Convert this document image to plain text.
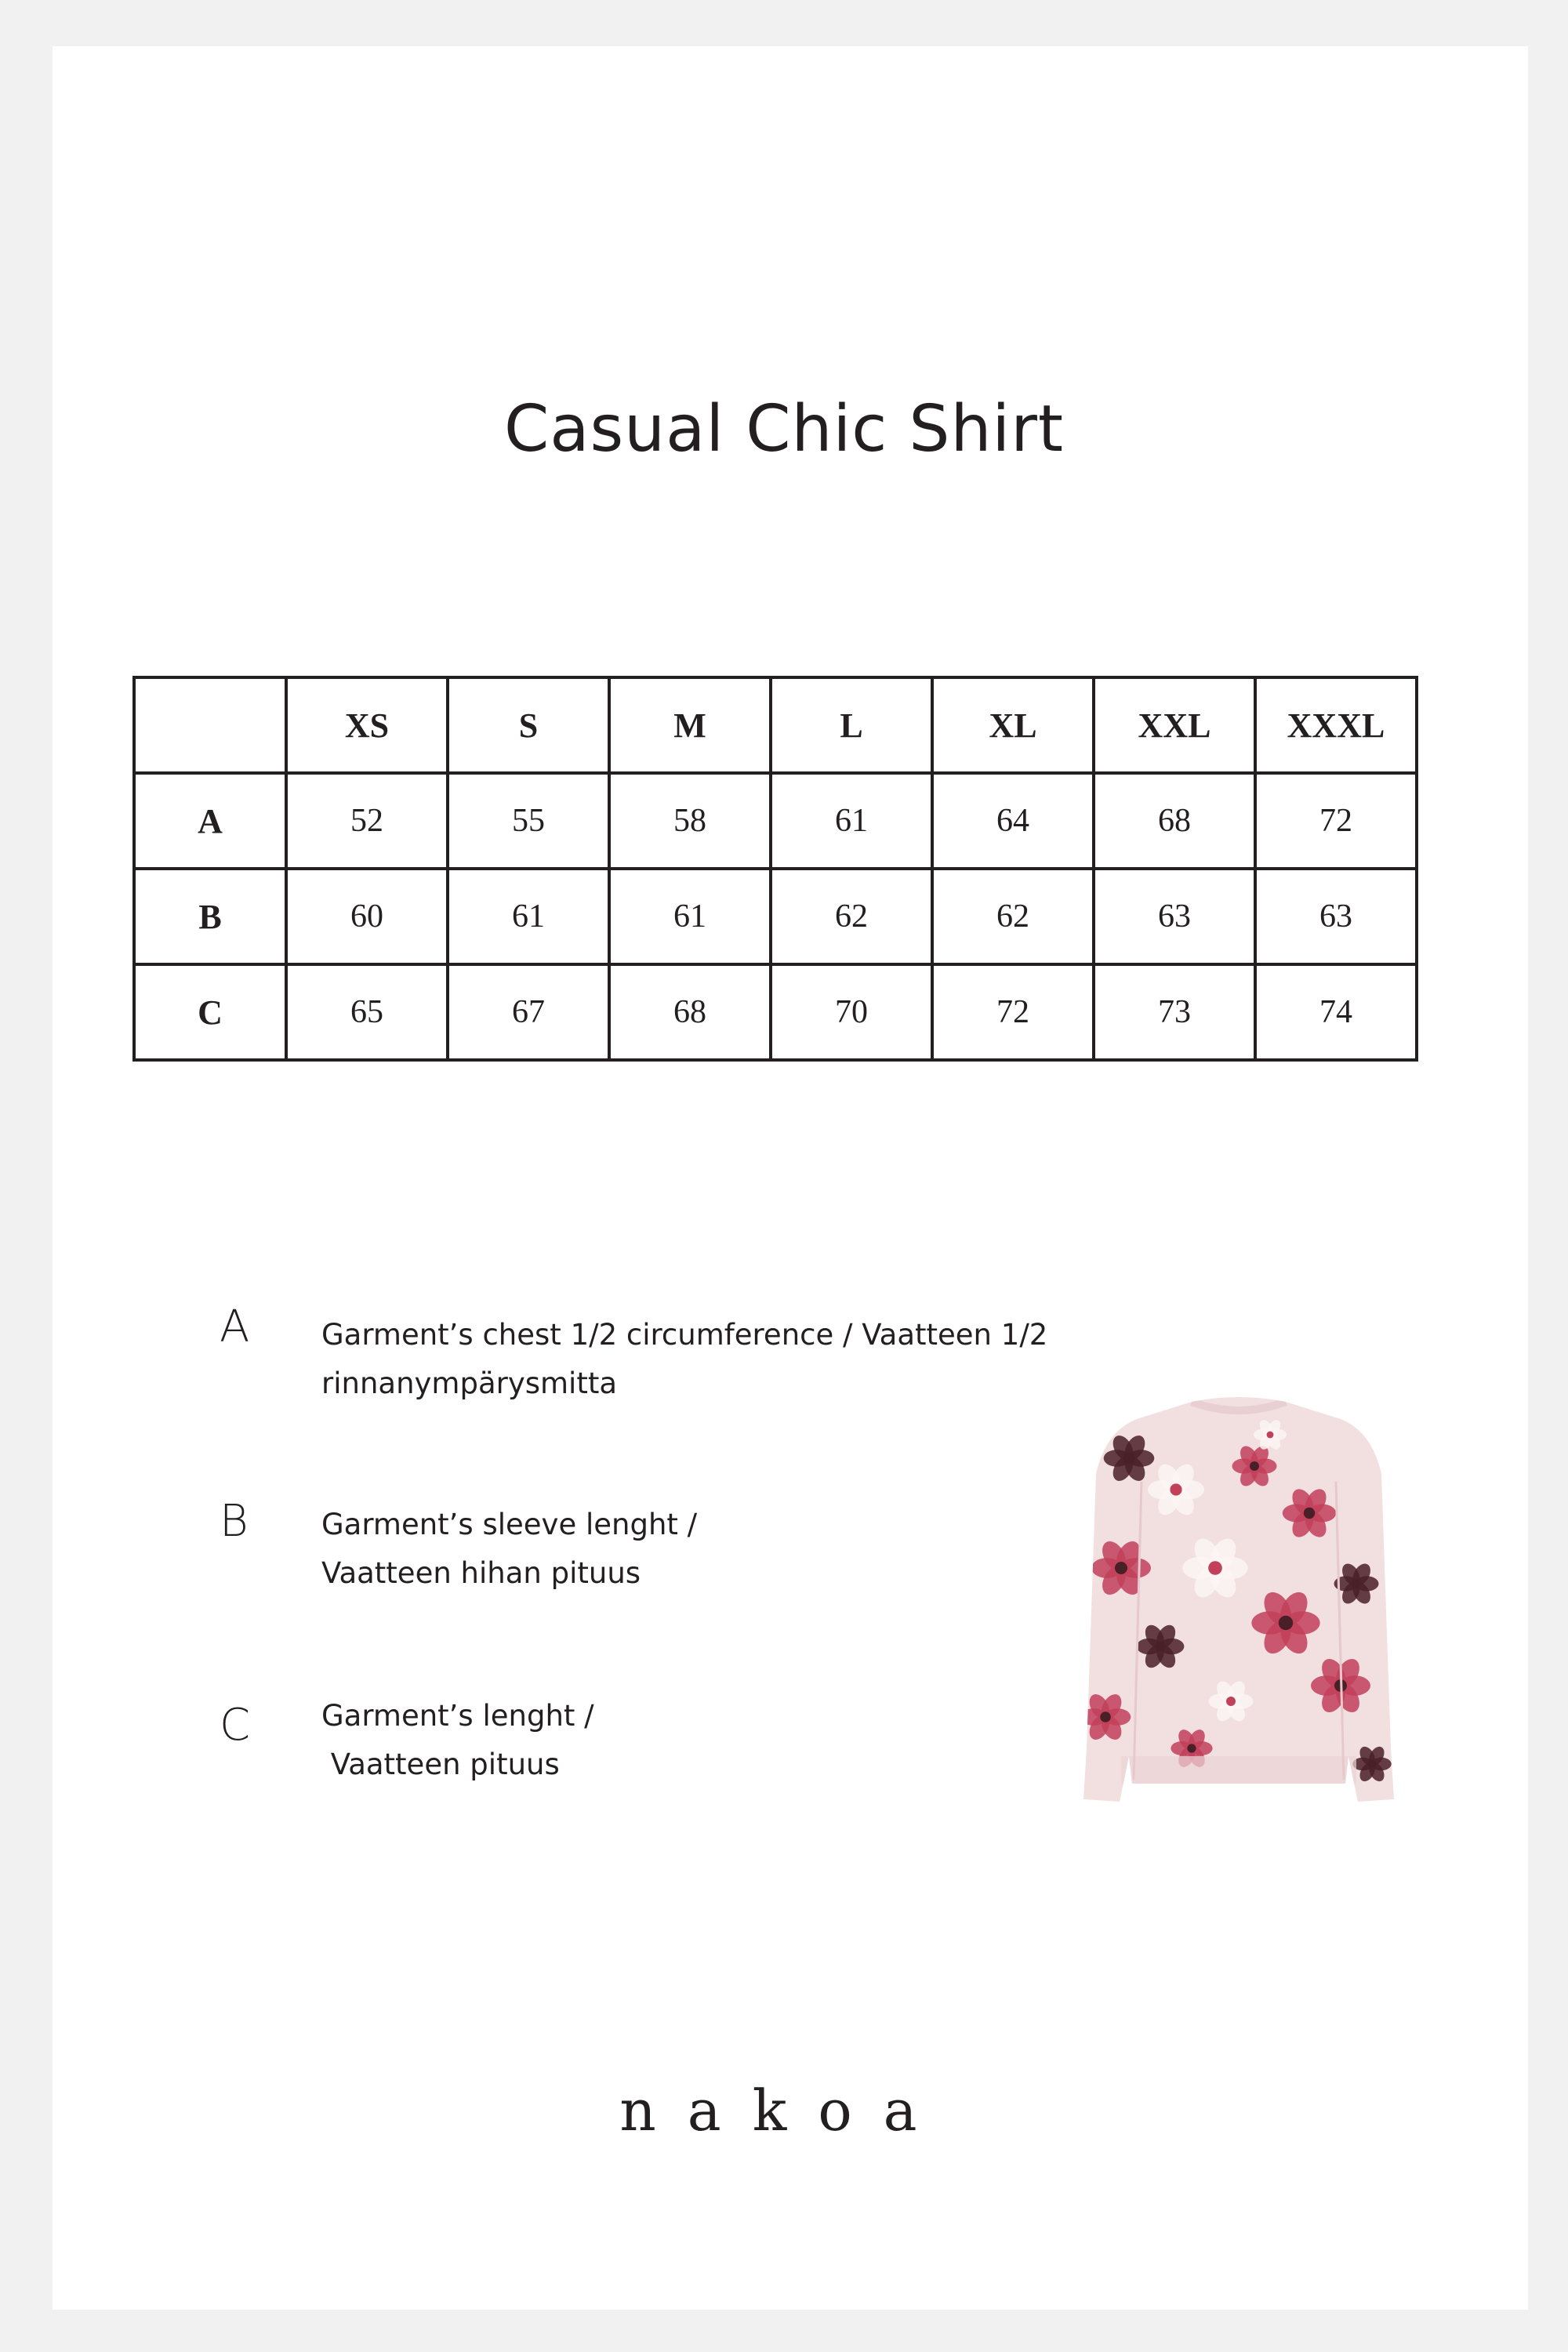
Casual Chic Shirt
	XS	S	M	L	XL	XXL	XXXL
A	52	55	58	61	64	68	72
B	60	61	61	62	62	63	63
C	65	67	68	70	72	73	74
A Garment’s chest 1/2 circumference / Vaatteen 1/2
rinnanympärysmitta
B	Garment’s sleeve lenght /
Vaatteen hihan pituus
C Garment’s lenght /
Vaatteen pituus
nakoa
